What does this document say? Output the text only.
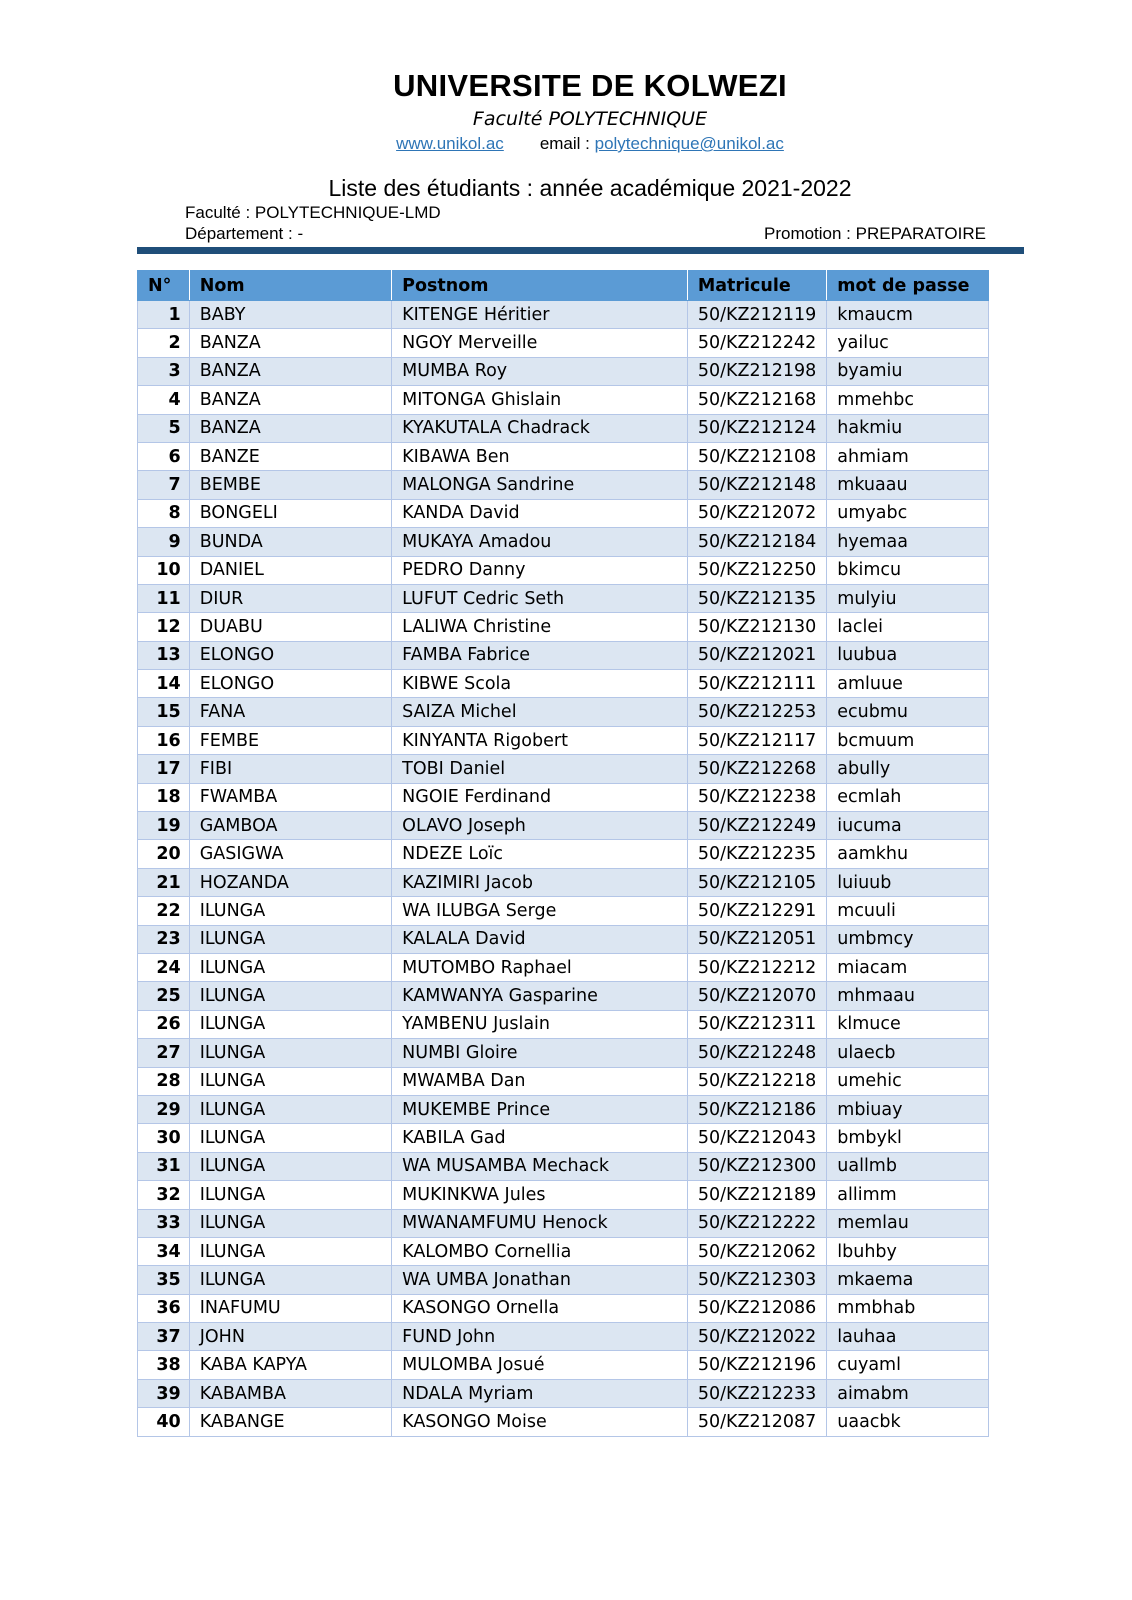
UNIVERSITE DE KOLWEZI
Faculté POLYTECHNIQUE
www.unikol.ac email : polytechnique@unikol.ac
Liste des étudiants : année académique 2021-2022
Faculté : POLYTECHNIQUE-LMD
Département : -	Promotion : PREPARATOIRE
N°	Nom	Postnom	Matricule	mot de passe
1	BABY	KITENGE Héritier	50/KZ212119	kmaucm
2	BANZA	NGOY Merveille	50/KZ212242	yailuc
3	BANZA	MUMBA Roy	50/KZ212198	byamiu
4	BANZA	MITONGA Ghislain	50/KZ212168	mmehbc
5	BANZA	KYAKUTALA Chadrack	50/KZ212124	hakmiu
6	BANZE	KIBAWA Ben	50/KZ212108	ahmiam
7	BEMBE	MALONGA Sandrine	50/KZ212148	mkuaau
8	BONGELI	KANDA David	50/KZ212072	umyabc
9	BUNDA	MUKAYA Amadou	50/KZ212184	hyemaa
10	DANIEL	PEDRO Danny	50/KZ212250	bkimcu
11	DIUR	LUFUT Cedric Seth	50/KZ212135	mulyiu
12	DUABU	LALIWA Christine	50/KZ212130	laclei
13	ELONGO	FAMBA Fabrice	50/KZ212021	luubua
14	ELONGO	KIBWE Scola	50/KZ212111	amluue
15	FANA	SAIZA Michel	50/KZ212253	ecubmu
16	FEMBE	KINYANTA Rigobert	50/KZ212117	bcmuum
17	FIBI	TOBI Daniel	50/KZ212268	abully
18	FWAMBA	NGOIE Ferdinand	50/KZ212238	ecmlah
19	GAMBOA	OLAVO Joseph	50/KZ212249	iucuma
20	GASIGWA	NDEZE Loïc	50/KZ212235	aamkhu
21	HOZANDA	KAZIMIRI Jacob	50/KZ212105	luiuub
22	ILUNGA	WA ILUBGA Serge	50/KZ212291	mcuuli
23	ILUNGA	KALALA David	50/KZ212051	umbmcy
24	ILUNGA	MUTOMBO Raphael	50/KZ212212	miacam
25	ILUNGA	KAMWANYA Gasparine	50/KZ212070	mhmaau
26	ILUNGA	YAMBENU Juslain	50/KZ212311	klmuce
27	ILUNGA	NUMBI Gloire	50/KZ212248	ulaecb
28	ILUNGA	MWAMBA Dan	50/KZ212218	umehic
29	ILUNGA	MUKEMBE Prince	50/KZ212186	mbiuay
30	ILUNGA	KABILA Gad	50/KZ212043	bmbykl
31	ILUNGA	WA MUSAMBA Mechack	50/KZ212300	uallmb
32	ILUNGA	MUKINKWA Jules	50/KZ212189	allimm
33	ILUNGA	MWANAMFUMU Henock	50/KZ212222	memlau
34	ILUNGA	KALOMBO Cornellia	50/KZ212062	lbuhby
35	ILUNGA	WA UMBA Jonathan	50/KZ212303	mkaema
36	INAFUMU	KASONGO Ornella	50/KZ212086	mmbhab
37	JOHN	FUND John	50/KZ212022	lauhaa
38	KABA KAPYA	MULOMBA Josué	50/KZ212196	cuyaml
39	KABAMBA	NDALA Myriam	50/KZ212233	aimabm
40	KABANGE	KASONGO Moise	50/KZ212087	uaacbk
